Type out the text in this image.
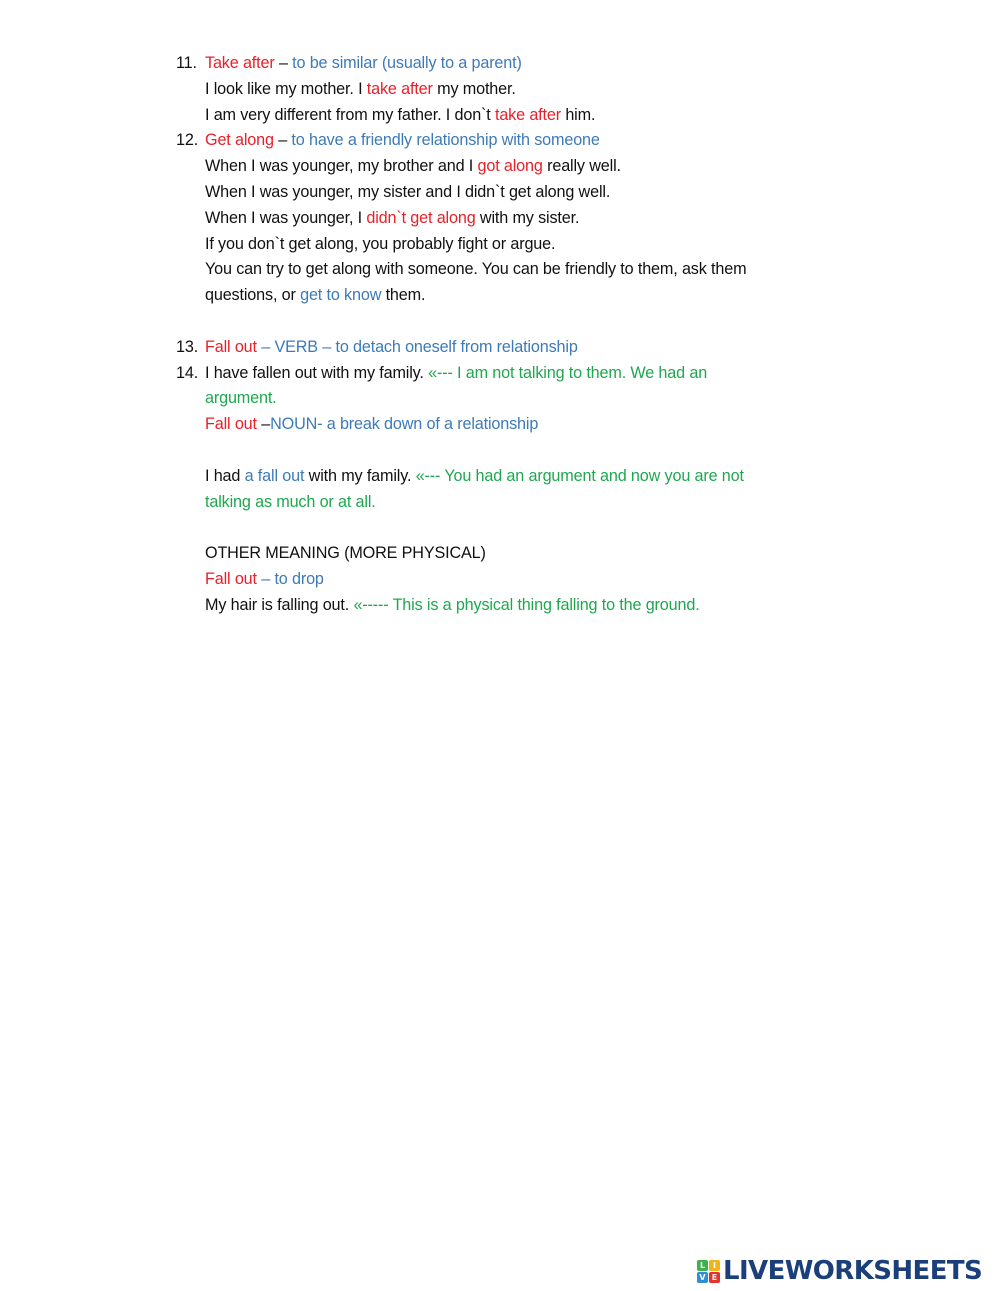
11. Take after – to be similar (usually to a parent)
I look like my mother. I take after my mother.
I am very different from my father. I don`t take after him.
12. Get along – to have a friendly relationship with someone
When I was younger, my brother and I got along really well.
When I was younger, my sister and I didn`t get along well.
When I was younger, I didn`t get along with my sister.
If you don`t get along, you probably fight or argue.
You can try to get along with someone. You can be friendly to them, ask them
questions, or get to know them.
13. Fall out – VERB – to detach oneself from relationship
14. I have fallen out with my family. «--- I am not talking to them. We had an
argument.
Fall out –NOUN- a break down of a relationship
I had a fall out with my family. «--- You had an argument and now you are not
talking as much or at all.
OTHER MEANING (MORE PHYSICAL)
Fall out – to drop
My hair is falling out. «----- This is a physical thing falling to the ground.
L I
V E LIVEWORKSHEETS
